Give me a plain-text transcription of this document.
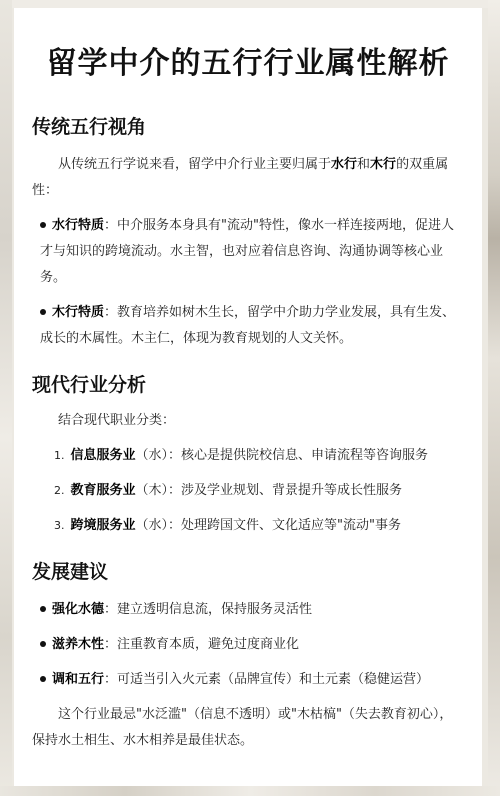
留学中介的五行行业属性解析
传统五行视角

从传统五行学说来看，留学中介行业主要归属于水行和木行的双重属性：

水行特质：中介服务本身具有"流动"特性，像水一样连接两地，促进人才与知识的跨境流动。水主智，也对应着信息咨询、沟通协调等核心业务。

木行特质：教育培养如树木生长，留学中介助力学业发展，具有生发、成长的木属性。木主仁，体现为教育规划的人文关怀。

现代行业分析

结合现代职业分类：

1. 信息服务业（水）：核心是提供院校信息、申请流程等咨询服务
2. 教育服务业（木）：涉及学业规划、背景提升等成长性服务
3. 跨境服务业（水）：处理跨国文件、文化适应等"流动"事务
发展建议

强化水德：建立透明信息流，保持服务灵活性

滋养木性：注重教育本质，避免过度商业化

调和五行：可适当引入火元素（品牌宣传）和土元素（稳健运营）

这个行业最忌"水泛滥"（信息不透明）或"木枯槁"（失去教育初心），保持水土相生、水木相养是最佳状态。
